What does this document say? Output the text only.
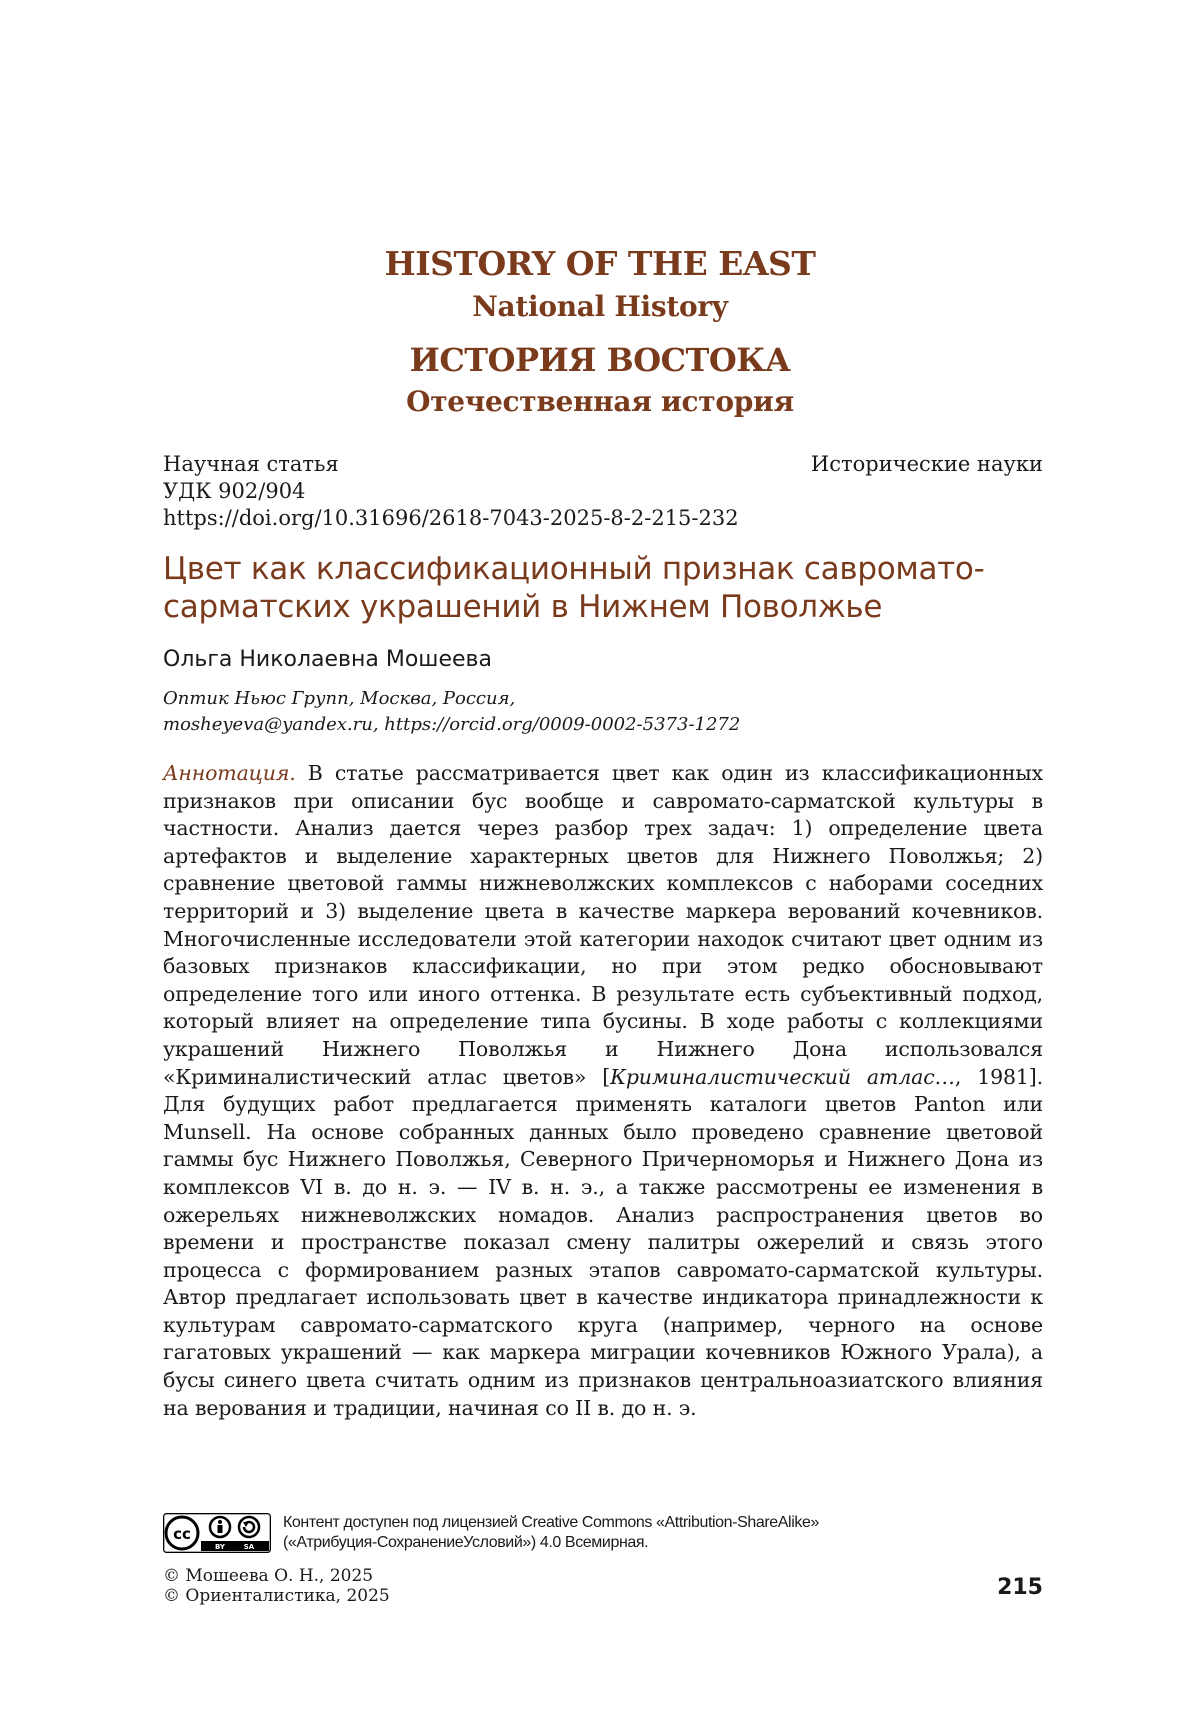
HISTORY OF THE EAST
National History
ИСТОРИЯ ВОСТОКА
Отечественная история
Научная статья
УДК 902/904
https://doi.org/10.31696/2618-7043-2025-8-2-215-232
Исторические науки
Цвет как классификационный признак савромато-сарматских украшений в Нижнем Поволжье
Ольга Николаевна Мошеева
Оптик Ньюс Групп, Москва, Россия,
mosheyeva@yandex.ru, https://orcid.org/0009-0002-5373-1272
Аннотация. В статье рассматривается цвет как один из классификационных признаков при описании бус вообще и савромато-сарматской культуры в частности. Анализ дается через разбор трех задач: 1) определение цвета артефактов и выделение характерных цветов для Нижнего Поволжья; 2) сравнение цветовой гаммы нижневолжских комплексов с наборами соседних территорий и 3) выделение цвета в качестве маркера верований кочевников. Многочисленные исследователи этой категории находок считают цвет одним из базовых признаков классификации, но при этом редко обосновывают определение того или иного оттенка. В результате есть субъективный подход, который влияет на определение типа бусины. В ходе работы с коллекциями украшений Нижнего Поволжья и Нижнего Дона использовался «Криминалистический атлас цветов» [Криминалистический атлас…, 1981]. Для будущих работ предлагается применять каталоги цветов Panton или Munsell. На основе собранных данных было проведено сравнение цветовой гаммы бус Нижнего Поволжья, Северного Причерноморья и Нижнего Дона из комплексов VI в. до н. э. — IV в. н. э., а также рассмотрены ее изменения в ожерельях нижневолжских номадов. Анализ распространения цветов во времени и пространстве показал смену палитры ожерелий и связь этого процесса с формированием разных этапов савромато-сарматской культуры. Автор предлагает использовать цвет в качестве индикатора принадлежности к культурам савромато-сарматского круга (например, черного на основе гагатовых украшений — как маркера миграции кочевников Южного Урала), а бусы синего цвета считать одним из признаков центральноазиатского влияния на верования и традиции, начиная со II в. до н. э.
cc
BY	SA
Контент доступен под лицензией Creative Commons «Attribution-ShareAlike»
(«Атрибуция-СохранениеУсловий») 4.0 Всемирная.
© Мошеева О. Н., 2025
© Ориенталистика, 2025	215
